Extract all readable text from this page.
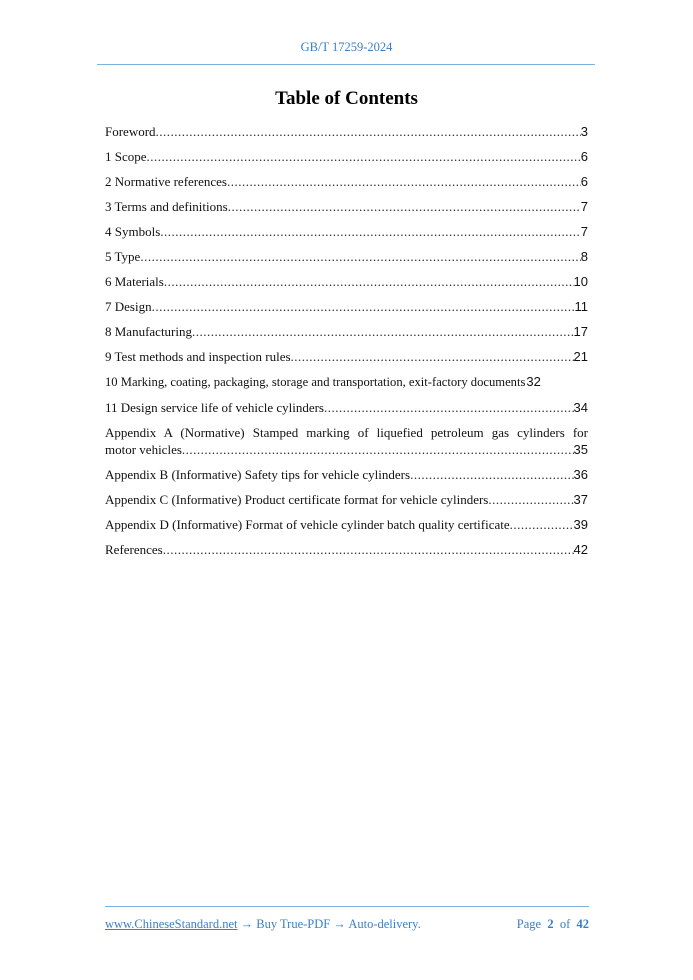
GB/T 17259-2024
Table of Contents
Foreword .....	3
1 Scope .....	6
2 Normative references .....	6
3 Terms and definitions .....	7
4 Symbols .....	7
5 Type .....	8
6 Materials .....	10
7 Design .....	11
8 Manufacturing .....	17
9 Test methods and inspection rules .....	21
10 Marking, coating, packaging, storage and transportation, exit-factory documents 32
11 Design service life of vehicle cylinders .....	34
Appendix A (Normative) Stamped marking of liquefied petroleum gas cylinders for
motor vehicles .....	35
Appendix B (Informative) Safety tips for vehicle cylinders .....	36
Appendix C (Informative) Product certificate format for vehicle cylinders .....	37
Appendix D (Informative) Format of vehicle cylinder batch quality certificate .....	39
References .....	42
www.ChineseStandard.net → Buy True-PDF → Auto-delivery.	Page 2 of 42
